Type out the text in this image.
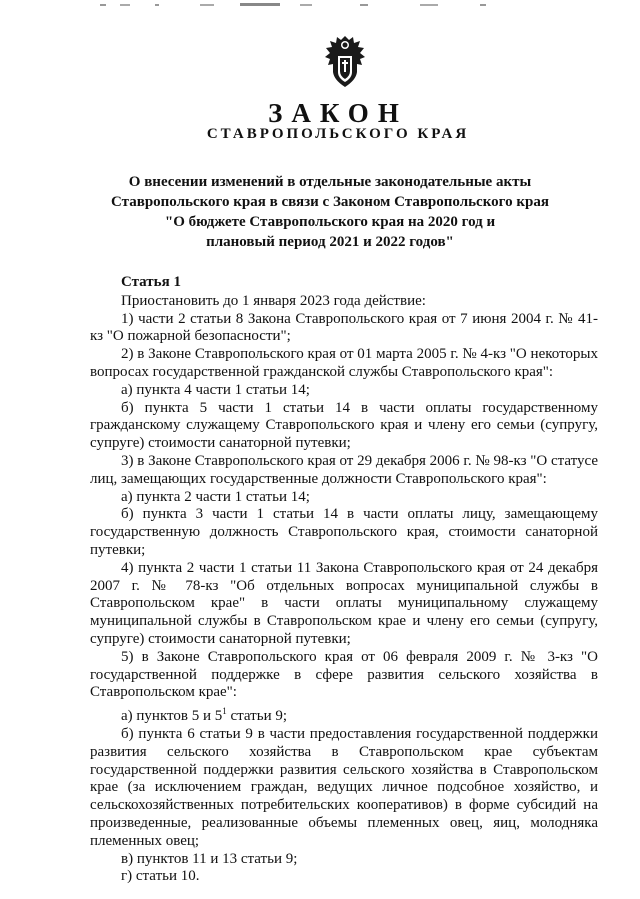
ЗАКОН
СТАВРОПОЛЬСКОГО КРАЯ
О внесении изменений в отдельные законодательные акты
Ставропольского края в связи с Законом Ставропольского края
"О бюджете Ставропольского края на 2020 год и
плановый период 2021 и 2022 годов"
Статья 1
Приостановить до 1 января 2023 года действие:
1) части 2 статьи 8 Закона Ставропольского края от 7 июня 2004 г. № 41-кз "О пожарной безопасности";
2) в Законе Ставропольского края от 01 марта 2005 г. № 4-кз "О некоторых вопросах государственной гражданской службы Ставропольского края":
а) пункта 4 части 1 статьи 14;
б) пункта 5 части 1 статьи 14 в части оплаты государственному гражданскому служащему Ставропольского края и члену его семьи (супругу, супруге) стоимости санаторной путевки;
3) в Законе Ставропольского края от 29 декабря 2006 г. № 98-кз "О статусе лиц, замещающих государственные должности Ставропольского края":
а) пункта 2 части 1 статьи 14;
б) пункта 3 части 1 статьи 14 в части оплаты лицу, замещающему государственную должность Ставропольского края, стоимости санаторной путевки;
4) пункта 2 части 1 статьи 11 Закона Ставропольского края от 24 декабря 2007 г. № 78-кз "Об отдельных вопросах муниципальной службы в Ставропольском крае" в части оплаты муниципальному служащему муниципальной службы в Ставропольском крае и члену его семьи (супругу, супруге) стоимости санаторной путевки;
5) в Законе Ставропольского края от 06 февраля 2009 г. № 3-кз "О государственной поддержке в сфере развития сельского хозяйства в Ставропольском крае":
а) пунктов 5 и $5^1$ статьи 9;
б) пункта 6 статьи 9 в части предоставления государственной поддержки развития сельского хозяйства в Ставропольском крае субъектам государственной поддержки развития сельского хозяйства в Ставропольском крае (за исключением граждан, ведущих личное подсобное хозяйство, и сельскохозяйственных потребительских кооперативов) в форме субсидий на произведенные, реализованные объемы племенных овец, яиц, молодняка племенных овец;
в) пунктов 11 и 13 статьи 9;
г) статьи 10.
